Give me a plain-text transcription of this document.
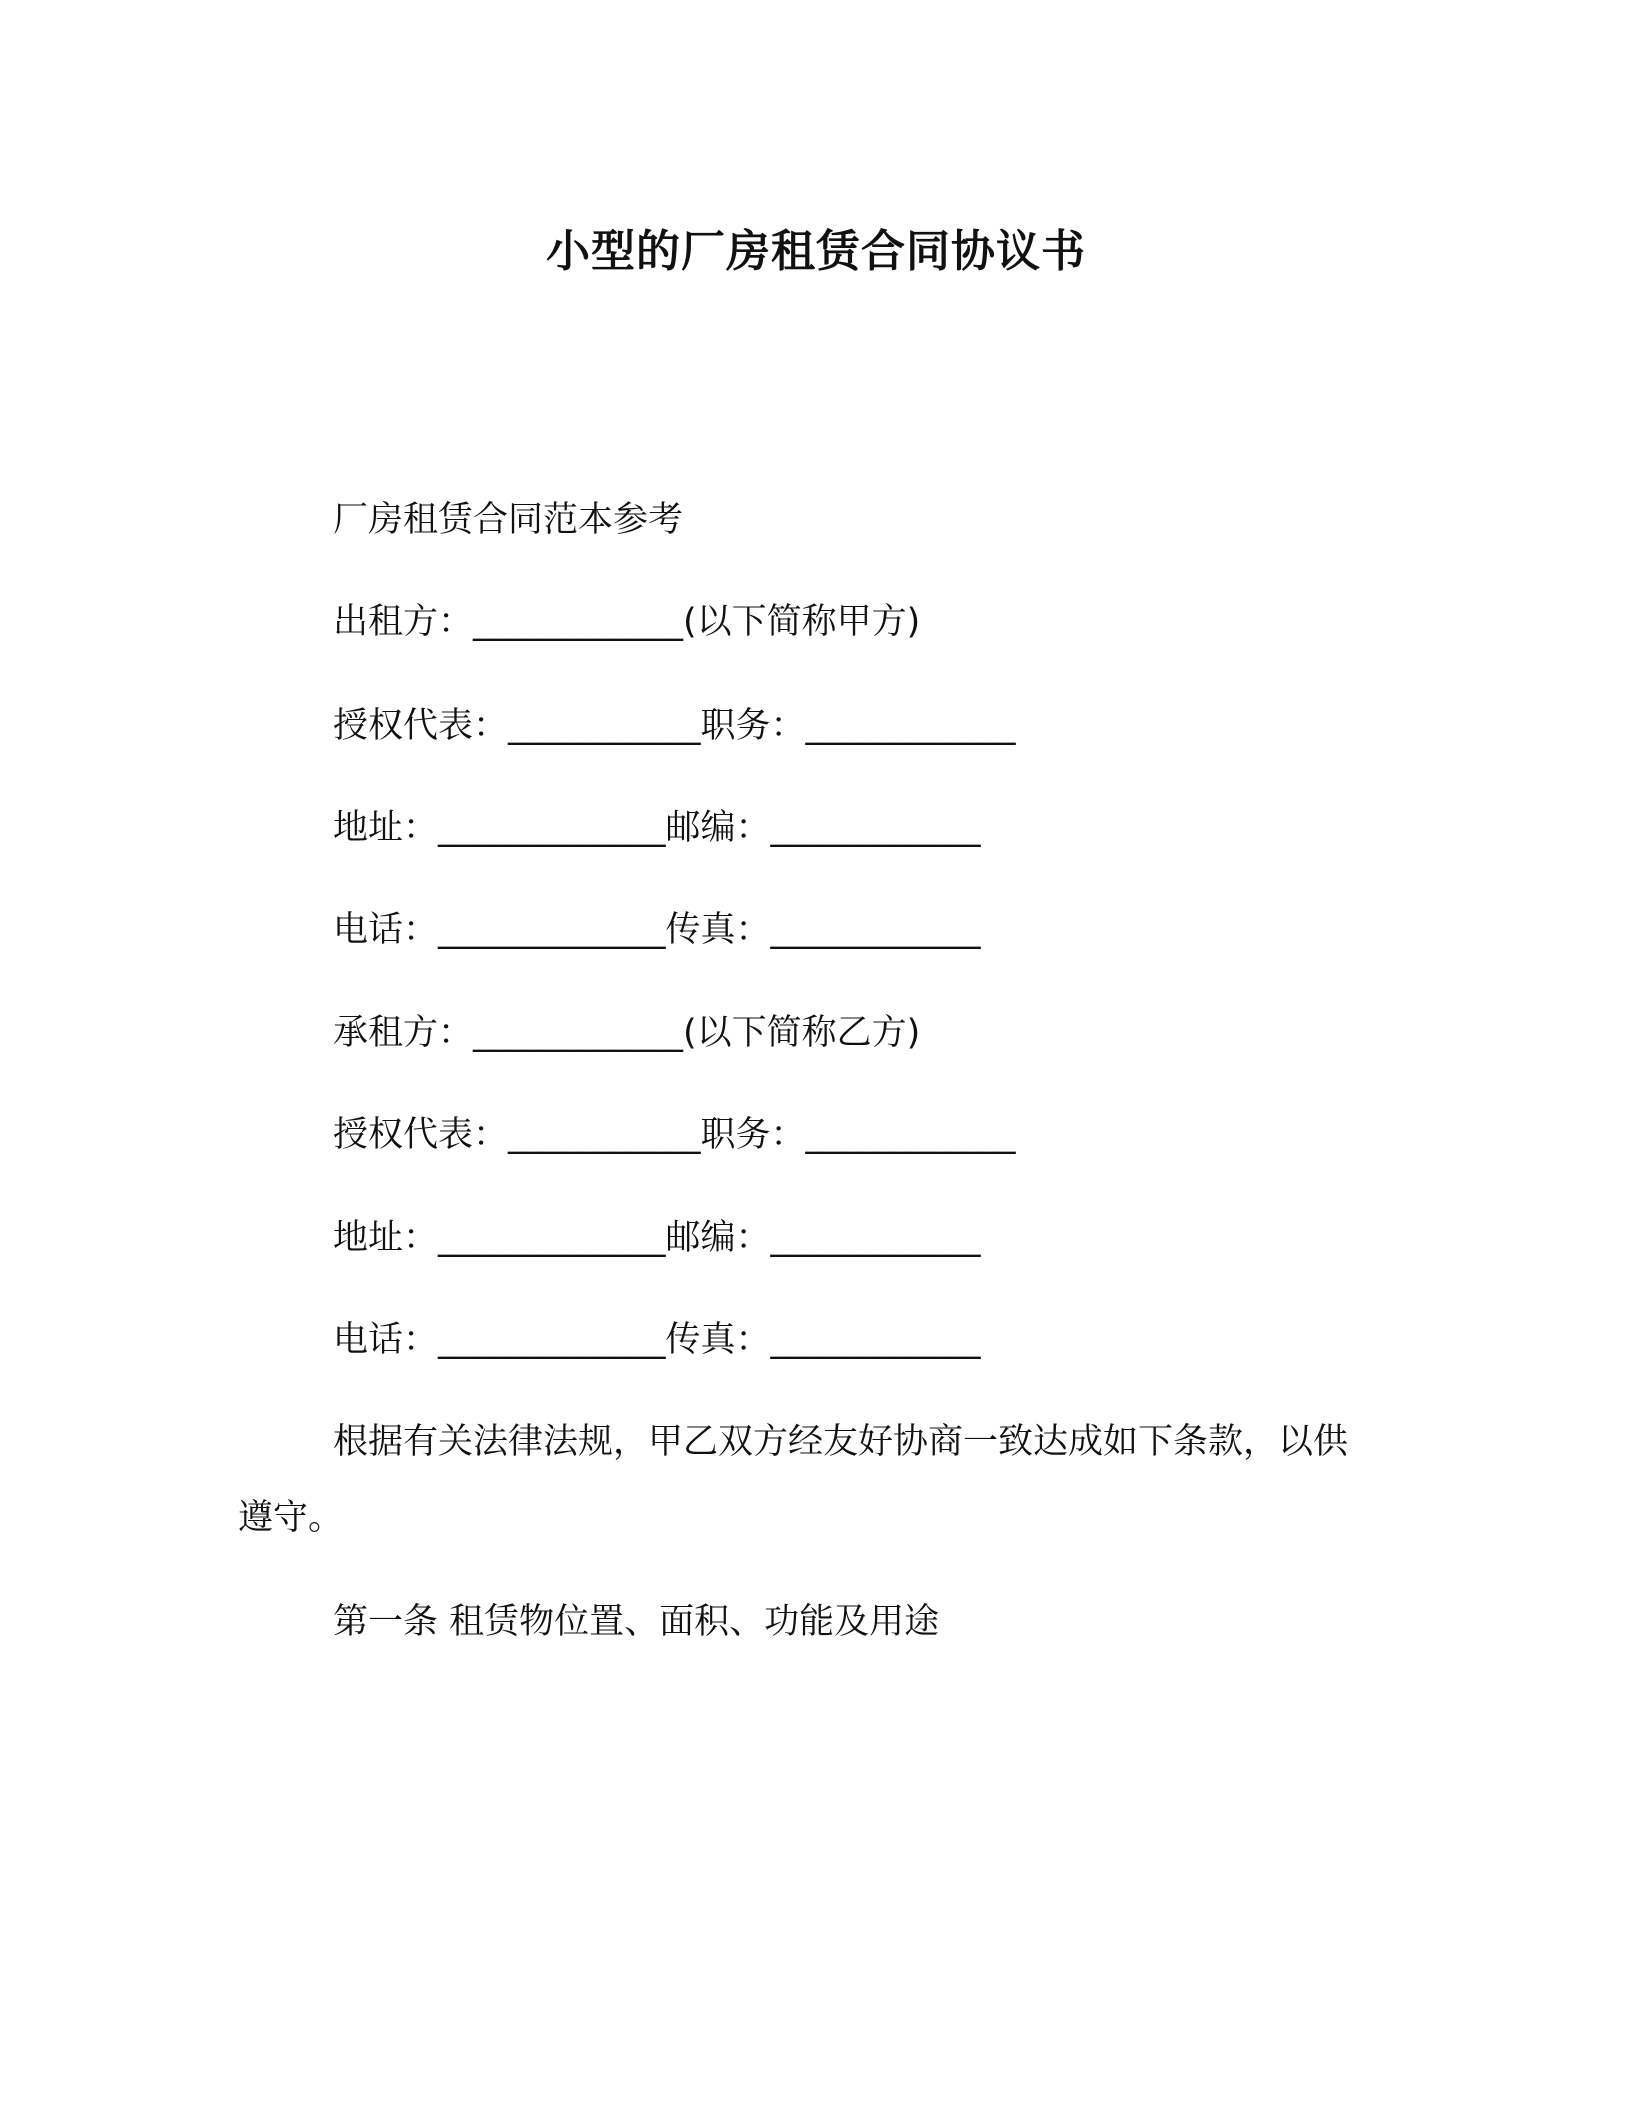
小型的厂房租赁合同协议书
厂房租赁合同范本参考
出租方：____________(以下简称甲方)
授权代表：___________职务：____________
地址：_____________邮编：____________
电话：_____________传真：____________
承租方：____________(以下简称乙方)
授权代表：___________职务：____________
地址：_____________邮编：____________
电话：_____________传真：____________
根据有关法律法规，甲乙双方经友好协商一致达成如下条款，以供遵守。
第一条 租赁物位置、面积、功能及用途
